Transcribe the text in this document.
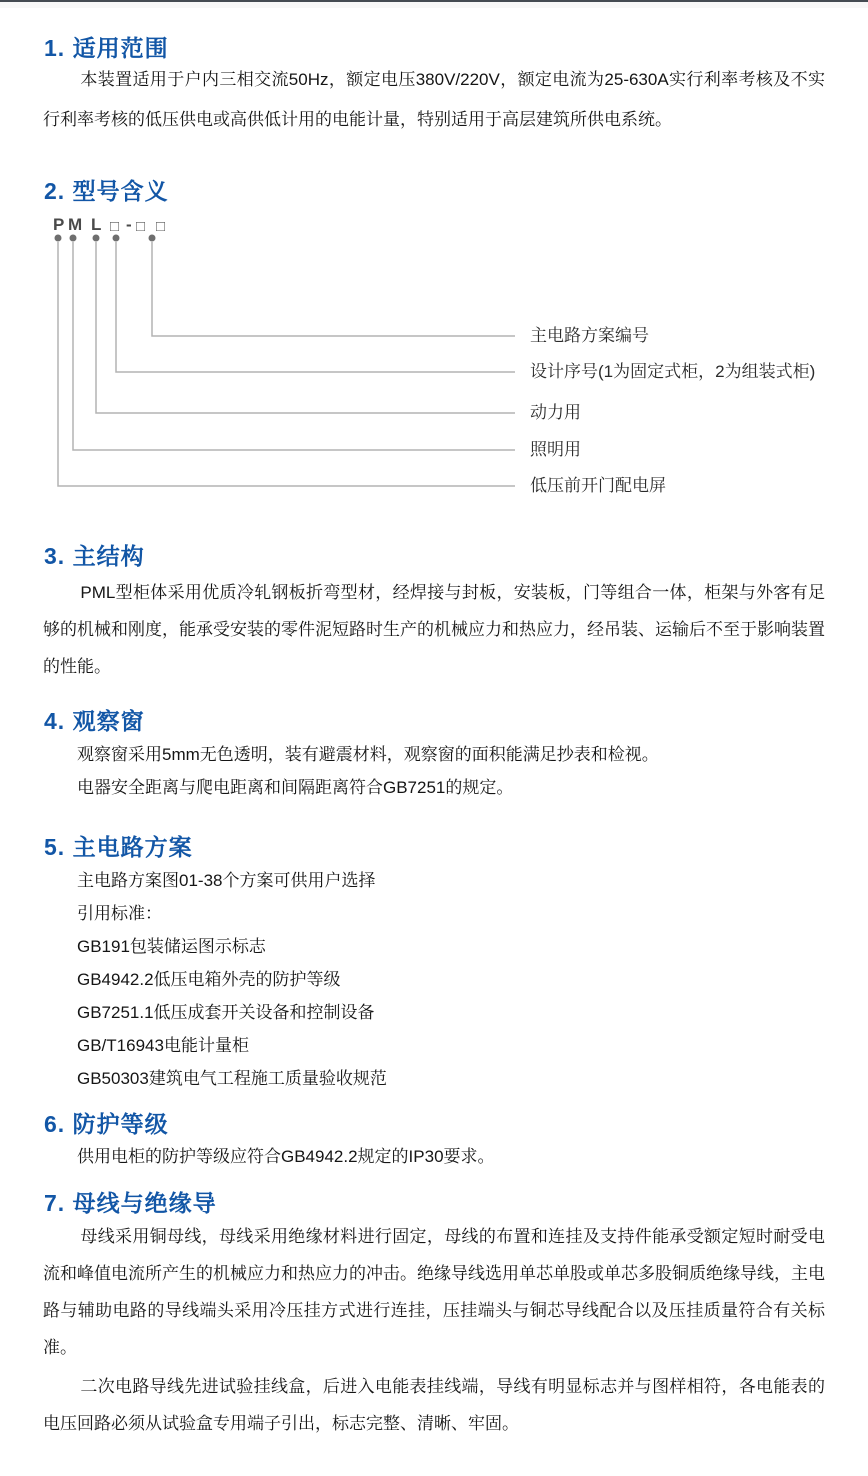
1. 适用范围

本装置适用于户内三相交流50Hz，额定电压380V/220V，额定电流为25-630A实行利率考核及不实行利率考核的低压供电或高供低计用的电能计量，特别适用于高层建筑所供电系统。

2. 型号含义
P M L □ - □ □
主电路方案编号
设计序号(1为固定式柜，2为组装式柜)
动力用
照明用
低压前开门配电屏
3. 主结构

PML型柜体采用优质冷轧钢板折弯型材，经焊接与封板，安装板，门等组合一体，柜架与外客有足够的机械和刚度，能承受安装的零件泥短路时生产的机械应力和热应力，经吊装、运输后不至于影响装置的性能。

4. 观察窗

观察窗采用5mm无色透明，装有避震材料，观察窗的面积能满足抄表和检视。

电器安全距离与爬电距离和间隔距离符合GB7251的规定。

5. 主电路方案

主电路方案图01-38个方案可供用户选择

引用标准：

GB191包装储运图示标志

GB4942.2低压电箱外壳的防护等级

GB7251.1低压成套开关设备和控制设备

GB/T16943电能计量柜

GB50303建筑电气工程施工质量验收规范

6. 防护等级

供用电柜的防护等级应符合GB4942.2规定的IP30要求。

7. 母线与绝缘导

母线采用铜母线，母线采用绝缘材料进行固定，母线的布置和连挂及支持件能承受额定短时耐受电流和峰值电流所产生的机械应力和热应力的冲击。绝缘导线选用单芯单股或单芯多股铜质绝缘导线，主电路与辅助电路的导线端头采用冷压挂方式进行连挂，压挂端头与铜芯导线配合以及压挂质量符合有关标准。

二次电路导线先进试验挂线盒，后进入电能表挂线端，导线有明显标志并与图样相符，各电能表的电压回路必须从试验盒专用端子引出，标志完整、清晰、牢固。
